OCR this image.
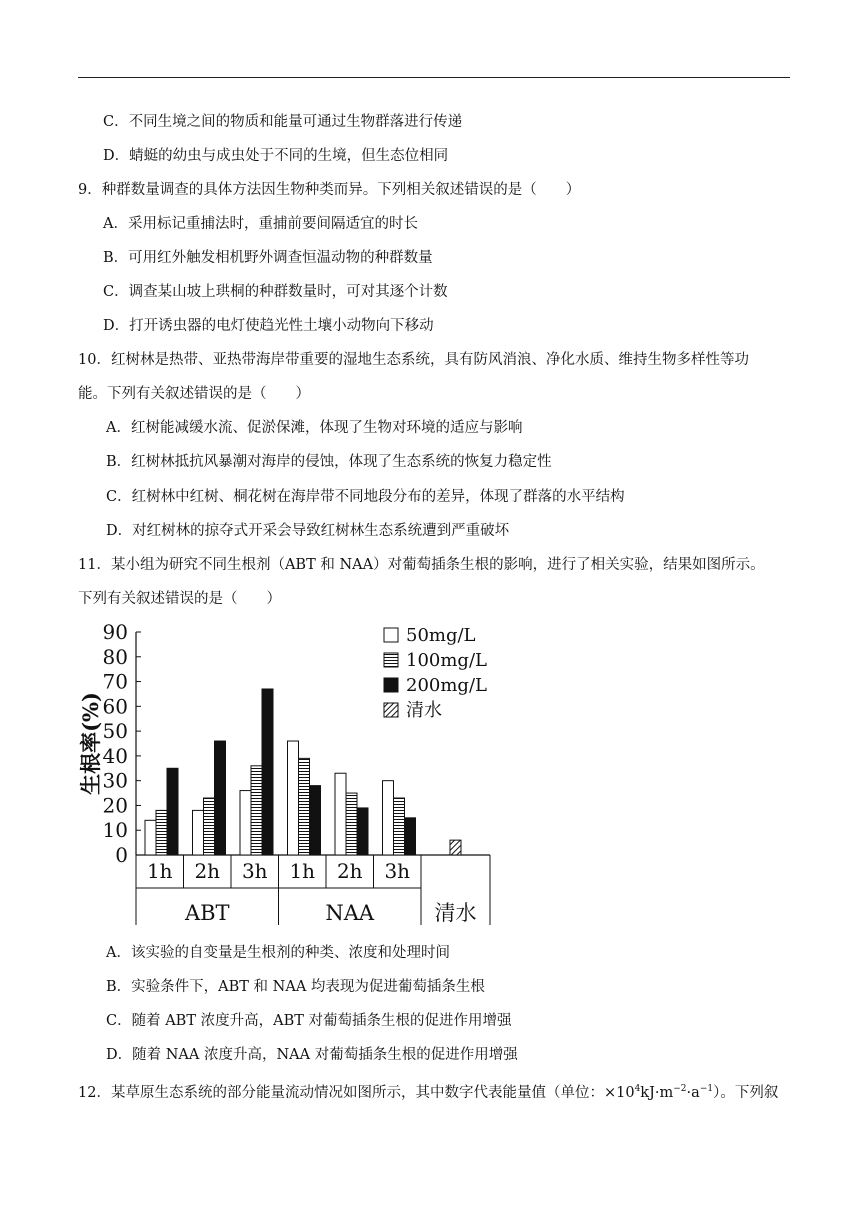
C．不同生境之间的物质和能量可通过生物群落进行传递
D．蜻蜓的幼虫与成虫处于不同的生境，但生态位相同
9．种群数量调查的具体方法因生物种类而异。下列相关叙述错误的是（　　）
A．采用标记重捕法时，重捕前要间隔适宜的时长
B．可用红外触发相机野外调查恒温动物的种群数量
C．调查某山坡上珙桐的种群数量时，可对其逐个计数
D．打开诱虫器的电灯使趋光性土壤小动物向下移动
10．红树林是热带、亚热带海岸带重要的湿地生态系统，具有防风消浪、净化水质、维持生物多样性等功
能。下列有关叙述错误的是（　　）
A．红树能减缓水流、促淤保滩，体现了生物对环境的适应与影响
B．红树林抵抗风暴潮对海岸的侵蚀，体现了生态系统的恢复力稳定性
C．红树林中红树、桐花树在海岸带不同地段分布的差异，体现了群落的水平结构
D．对红树林的掠夺式开采会导致红树林生态系统遭到严重破坏
11．某小组为研究不同生根剂（ABT 和 NAA）对葡萄插条生根的影响，进行了相关实验，结果如图所示。
下列有关叙述错误的是（　　）
0
10
20
30
40
50
60
70
80
90
生根率(%)
1h 2h 3h 1h 2h 3h
ABT	NAA	清水
50mg/L
100mg/L
200mg/L
清水
A．该实验的自变量是生根剂的种类、浓度和处理时间
B．实验条件下，ABT 和 NAA 均表现为促进葡萄插条生根
C．随着 ABT 浓度升高，ABT 对葡萄插条生根的促进作用增强
D．随着 NAA 浓度升高，NAA 对葡萄插条生根的促进作用增强
12．某草原生态系统的部分能量流动情况如图所示，其中数字代表能量值（单位：$\times 10^4kJ\cdot m^{-2}\cdot a^{-1}$）。下列叙
